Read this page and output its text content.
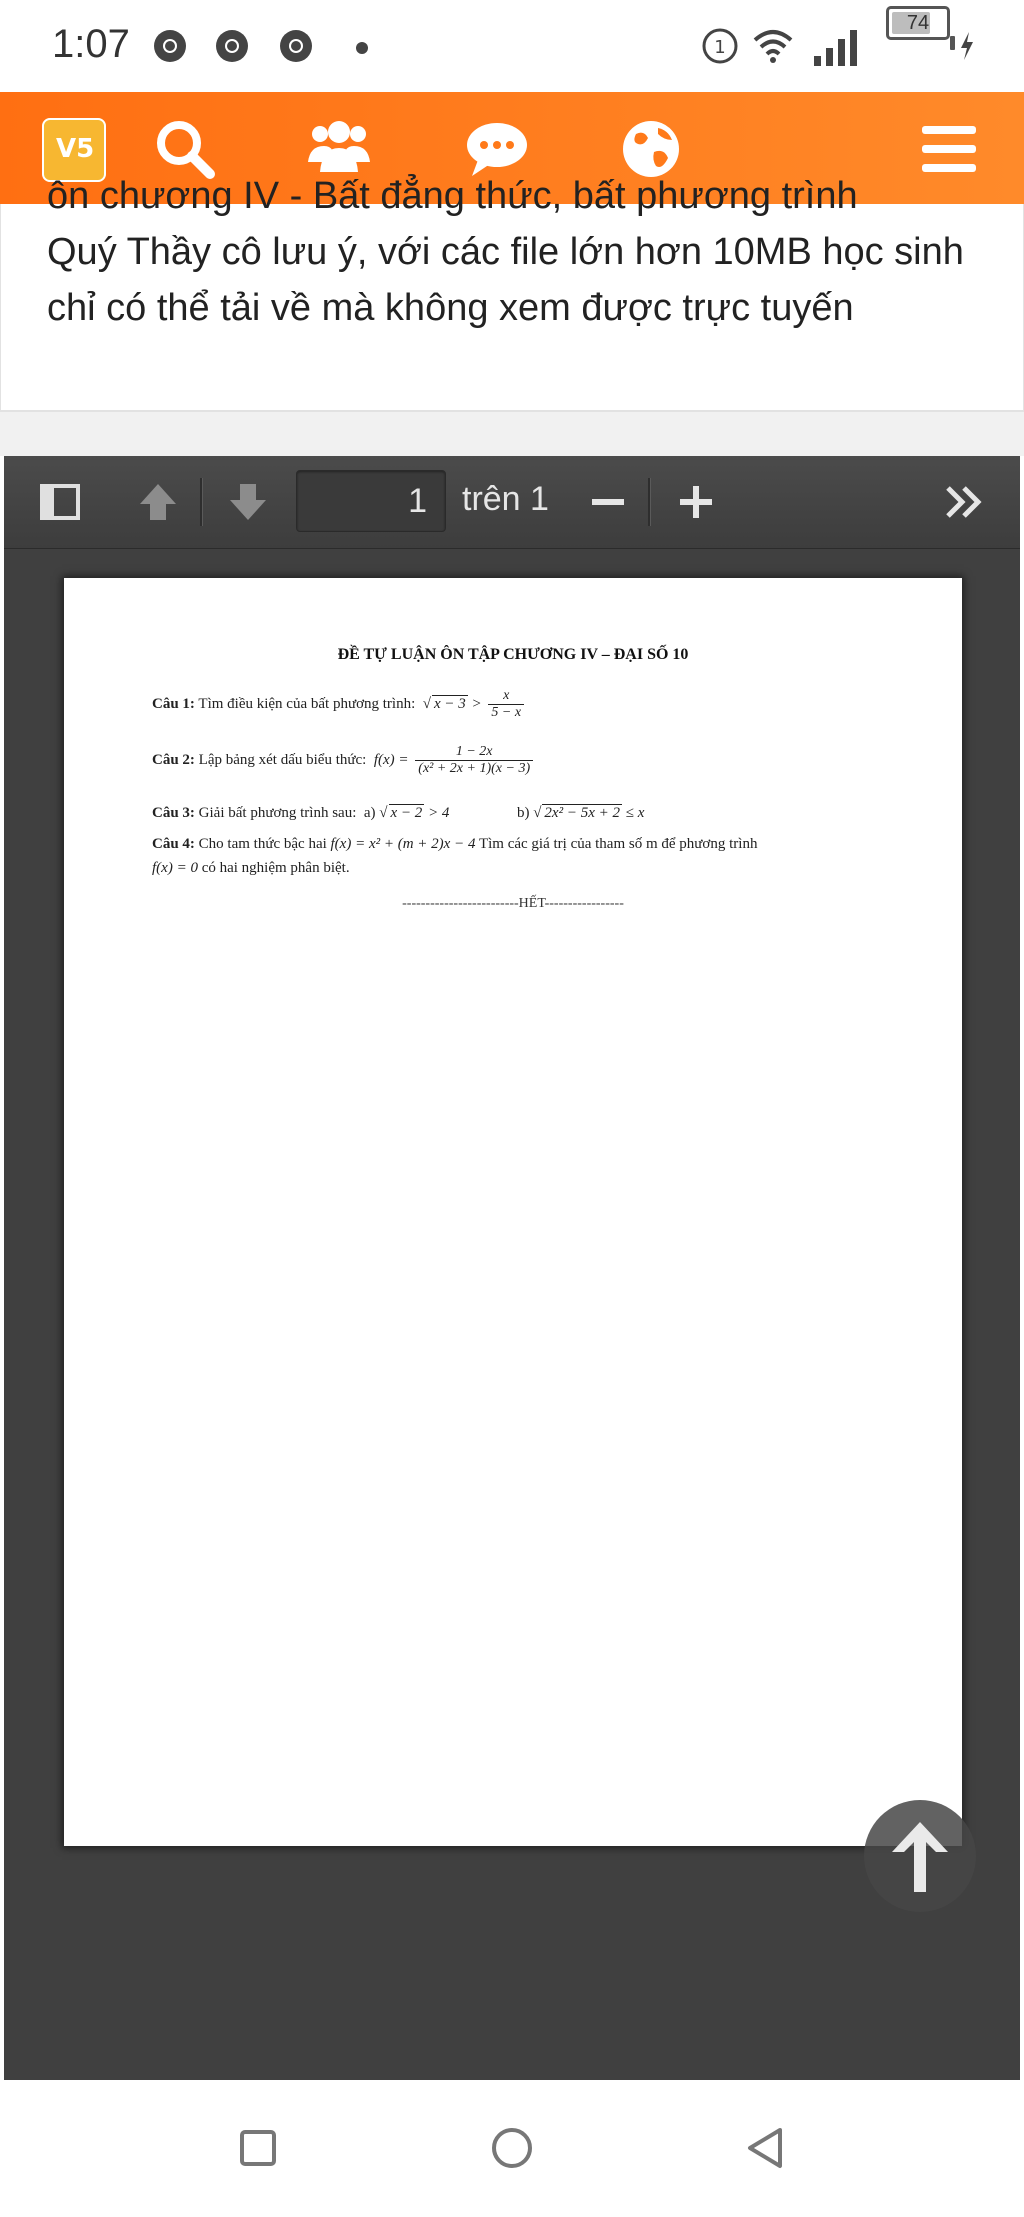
1:07	1
74
V5
ôn chương IV - Bất đẳng thức, bất phương trình
Quý Thầy cô lưu ý, với các file lớn hơn 10MB học sinh chỉ có thể tải về mà không xem được trực tuyến
1	trên 1
ĐỀ TỰ LUẬN ÔN TẬP CHƯƠNG IV – ĐẠI SỐ 10
Câu 1: Tìm điều kiện của bất phương trình: √ $x - 3 > \frac{x}{5 - x}$
Câu 2: Lập bảng xét dấu biểu thức: $f(x) = \frac{1 - 2x}{\text{(x² + 2x + 1)(x − 3)}}$
Câu 3: Giải bất phương trình sau: a) √ x − 2 > 4	b) √ 2x² − 5x + 2 ≤ x
Câu 4: Cho tam thức bậc hai f(x) = x² + (m + 2)x − 4 Tìm các giá trị của tham số m để phương trình
f(x) = 0 có hai nghiệm phân biệt.
-------------------------HẾT-----------------
